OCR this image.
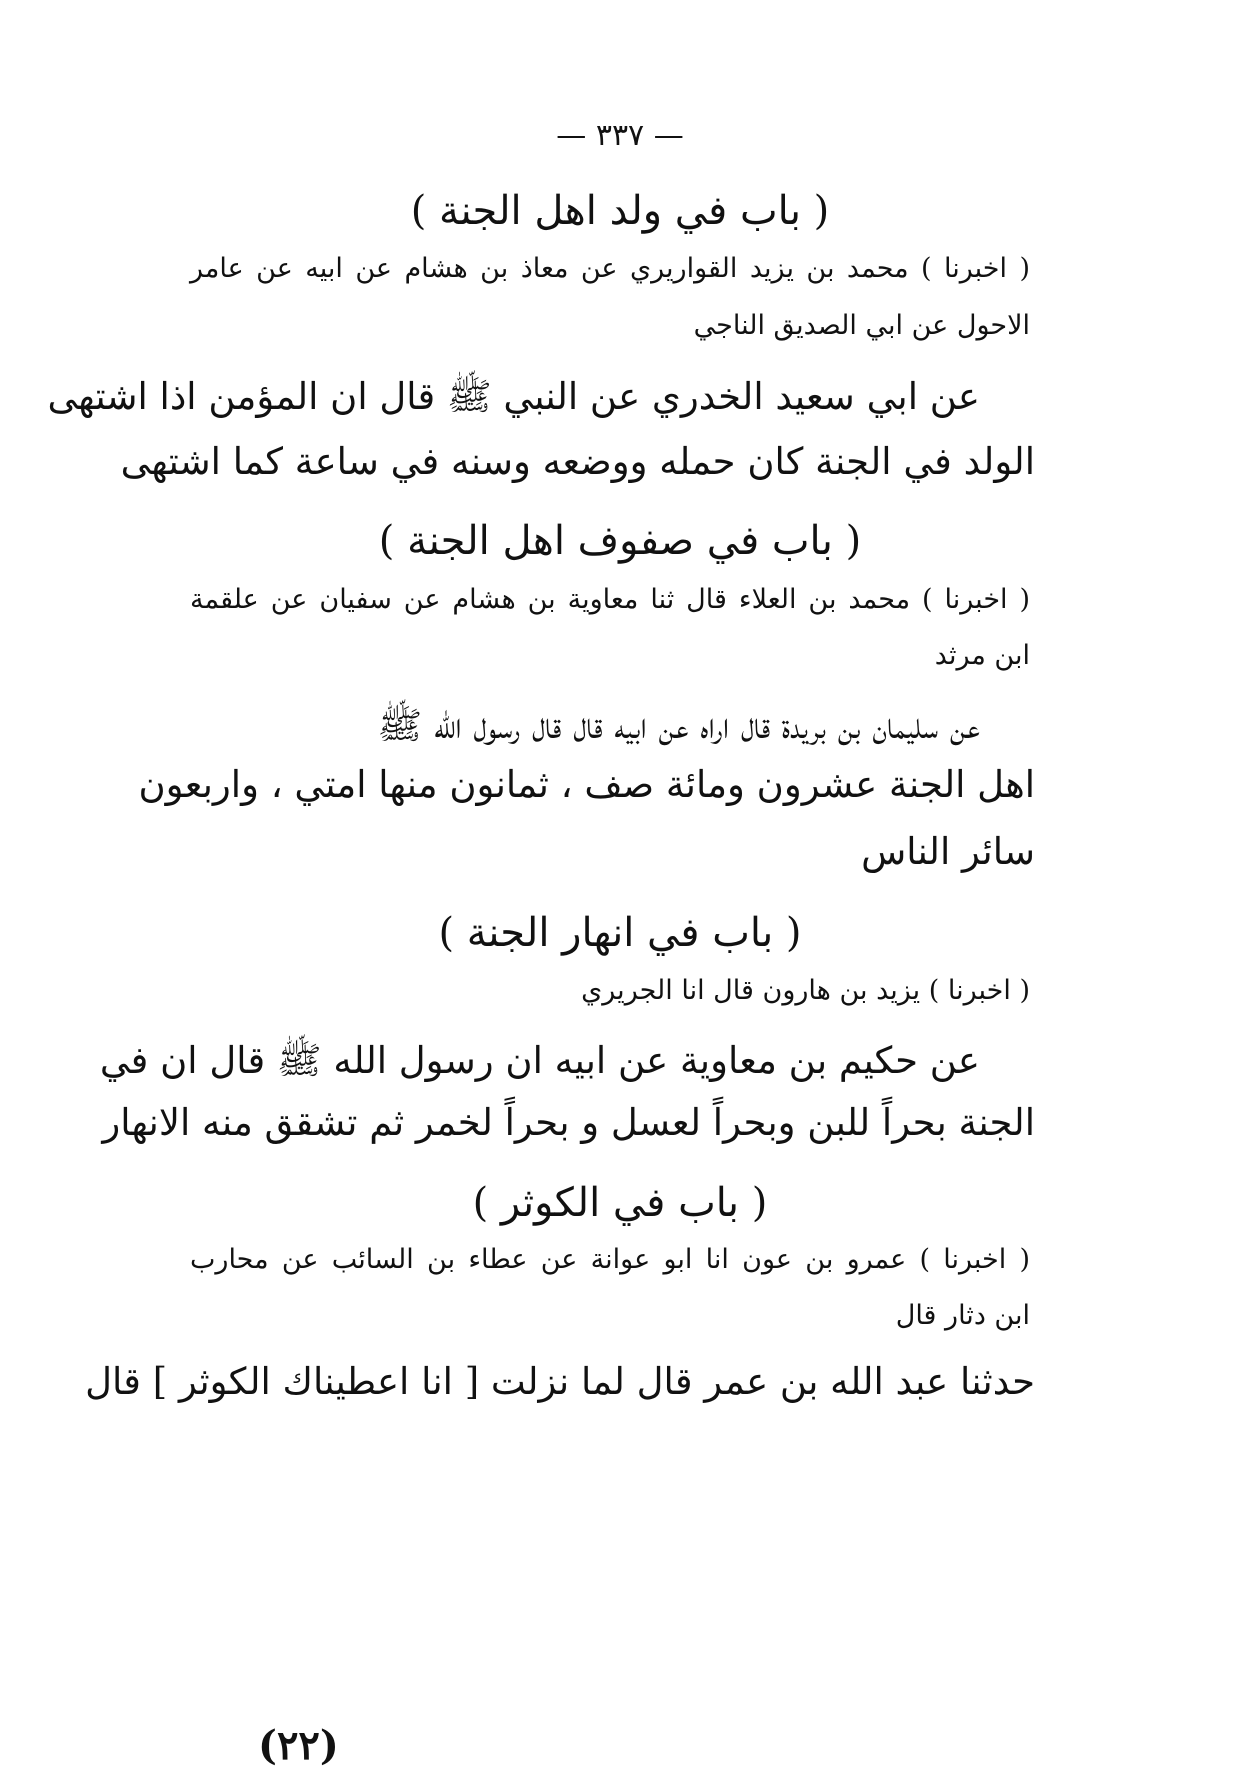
— ٣٣٧ —
( باب في ولد اهل الجنة )
( اخبرنا ) محمد بن يزيد القواريري عن معاذ بن هشام عن ابيه عن عامر
الاحول عن ابي الصديق الناجي
عن ابي سعيد الخدري عن النبي ﷺ قال ان المؤمن اذا اشتهى
الولد في الجنة كان حمله ووضعه وسنه في ساعة كما اشتهى
( باب في صفوف اهل الجنة )
( اخبرنا ) محمد بن العلاء قال ثنا معاوية بن هشام عن سفيان عن علقمة
ابن مرثد
عن سليمان بن بريدة قال اراه عن ابيه قال قال رسول الله ﷺ
اهل الجنة عشرون ومائة صف ، ثمانون منها امتي ، واربعون
سائر الناس
( باب في انهار الجنة )
( اخبرنا ) يزيد بن هارون قال انا الجريري
عن حكيم بن معاوية عن ابيه ان رسول الله ﷺ قال ان في
الجنة بحراً للبن وبحراً لعسل و بحراً لخمر ثم تشقق منه الانهار
( باب في الكوثر )
( اخبرنا ) عمرو بن عون انا ابو عوانة عن عطاء بن السائب عن محارب
ابن دثار قال
حدثنا عبد الله بن عمر قال لما نزلت [ انا اعطيناك الكوثر ] قال
(٢٢)
